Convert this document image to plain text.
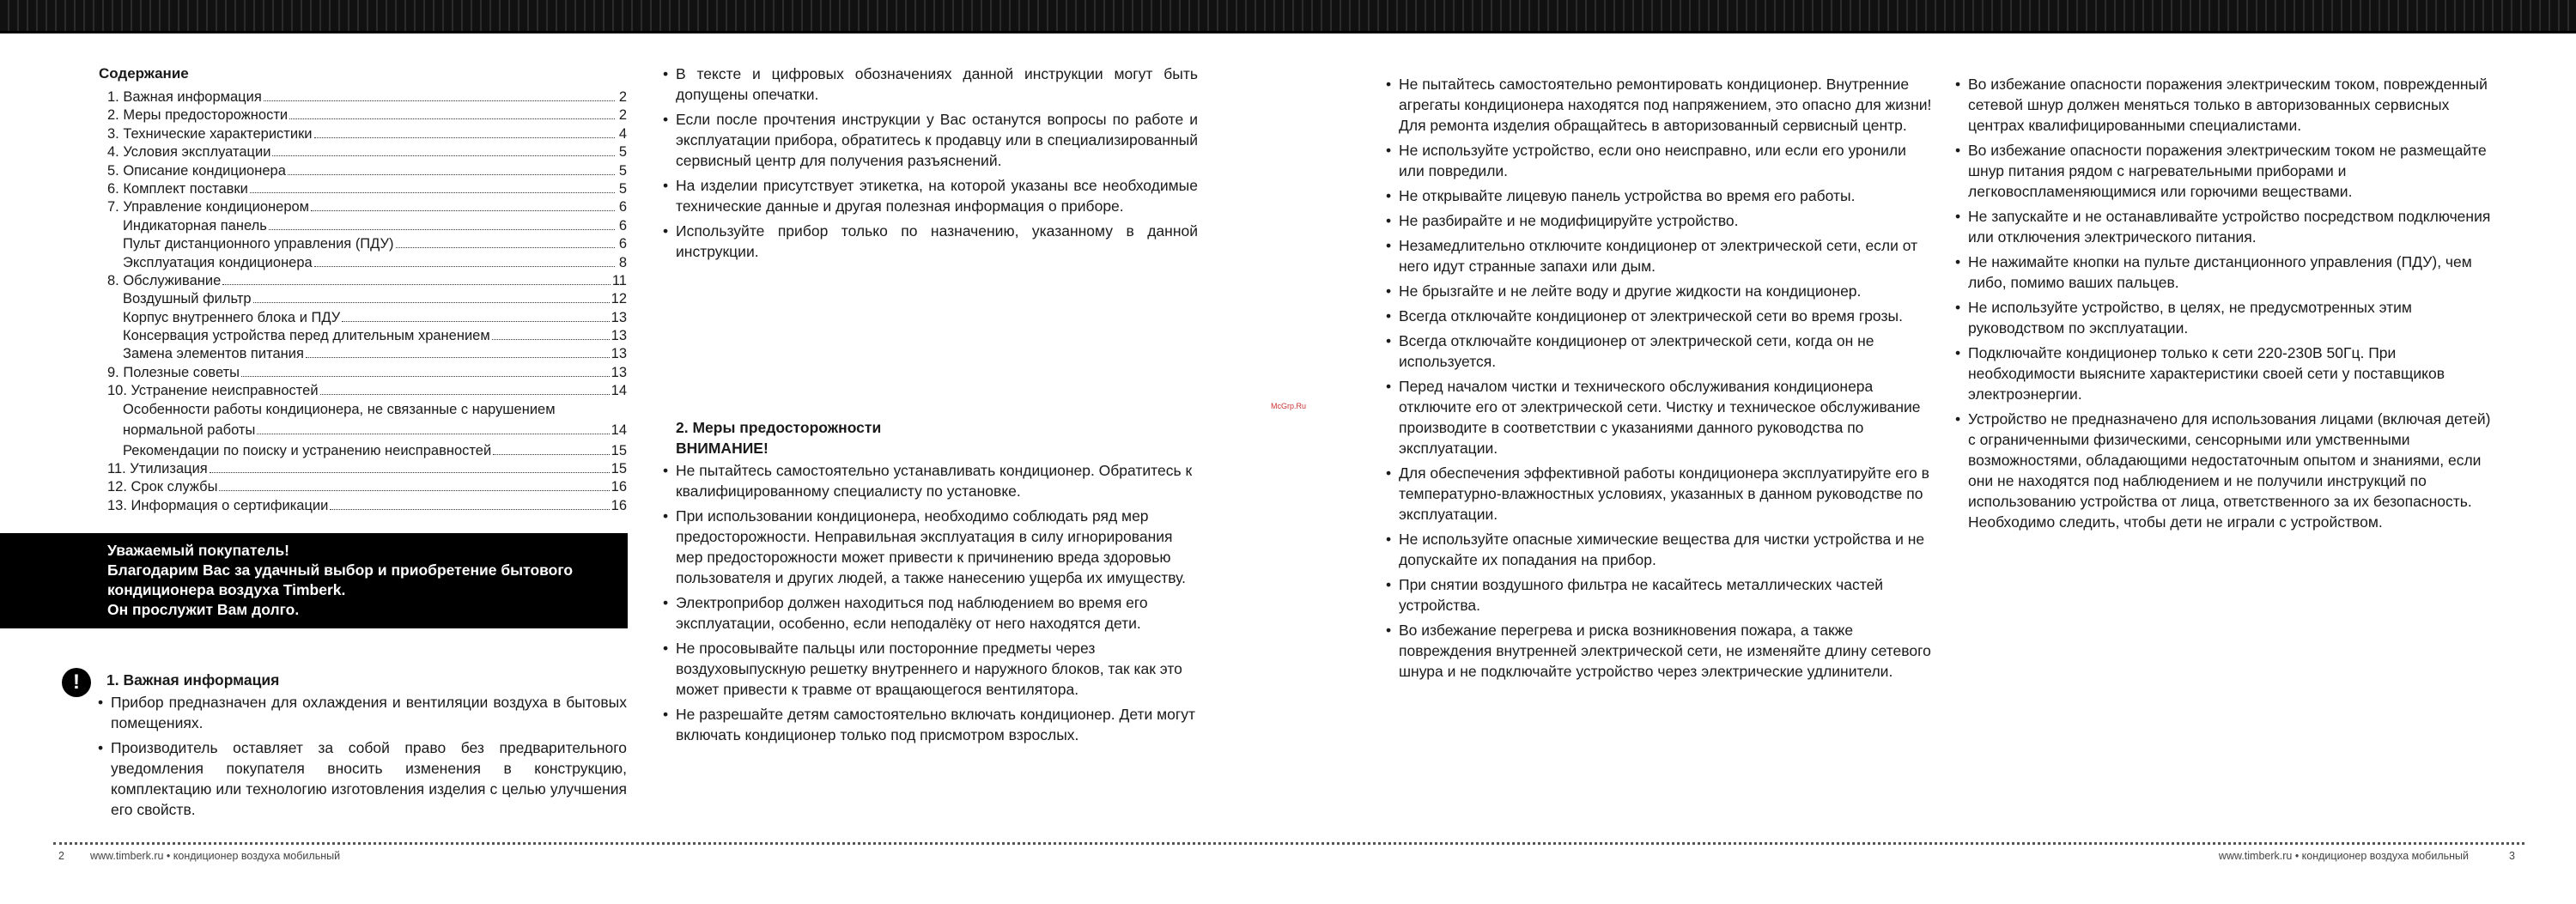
Содержание
1. Важная информация	2
2. Меры предосторожности	2
3. Технические характеристики	4
4. Условия эксплуатации	5
5. Описание кондиционера	5
6. Комплект поставки	5
7. Управление кондиционером	6
Индикаторная панель	6
Пульт дистанционного управления (ПДУ)	6
Эксплуатация кондиционера	8
8. Обслуживание	11
Воздушный фильтр	12
Корпус внутреннего блока и ПДУ	13
Консервация устройства перед длительным хранением	13
Замена элементов питания	13
9. Полезные советы	13
10. Устранение неисправностей	14
Особенности работы кондиционера, не связанные с нарушением
нормальной работы	14
Рекомендации по поиску и устранению неисправностей	15
11. Утилизация	15
12. Срок службы	16
13. Информация о сертификации	16
Уважаемый покупатель!
Благодарим Вас за удачный выбор и приобретение бытового
кондиционера воздуха Timberk.
Он прослужит Вам долго.
!	1. Важная информация
• Прибор предназначен для охлаждения и вентиляции воздуха в бытовых помещениях.
• Производитель оставляет за собой право без предварительного уведомления покупателя вносить изменения в конструкцию, комплектацию или технологию изготовления изделия с целью улучшения его свойств.
• В тексте и цифровых обозначениях данной инструкции могут быть допущены опечатки.
• Если после прочтения инструкции у Вас останутся вопросы по работе и эксплуатации прибора, обратитесь к продавцу или в специализированный сервисный центр для получения разъяснений.
• На изделии присутствует этикетка, на которой указаны все необходимые технические данные и другая полезная информация о приборе.
• Используйте прибор только по назначению, указанному в данной инструкции.
2. Меры предосторожности
ВНИМАНИЕ!
• Не пытайтесь самостоятельно устанавливать кондиционер. Обратитесь к квалифицированному специалисту по установке.
• При использовании кондиционера, необходимо соблюдать ряд мер предосторожности. Неправильная эксплуатация в силу игнорирования мер предосторожности может привести к причинению вреда здоровью пользователя и других людей, а также нанесению ущерба их имуществу.
• Электроприбор должен находиться под наблюдением во время его эксплуатации, особенно, если неподалёку от него находятся дети.
• Не просовывайте пальцы или посторонние предметы через воздуховыпускную решетку внутреннего и наружного блоков, так как это может привести к травме от вращающегося вентилятора.
• Не разрешайте детям самостоятельно включать кондиционер. Дети могут включать кондиционер только под присмотром взрослых.
McGrp.Ru
• Не пытайтесь самостоятельно ремонтировать кондиционер. Внутренние агрегаты кондиционера находятся под напряжением, это опасно для жизни! Для ремонта изделия обращайтесь в авторизованный сервисный центр.
• Не используйте устройство, если оно неисправно, или если его уронили или повредили.
• Не открывайте лицевую панель устройства во время его работы.
• Не разбирайте и не модифицируйте устройство.
• Незамедлительно отключите кондиционер от электрической сети, если от него идут странные запахи или дым.
• Не брызгайте и не лейте воду и другие жидкости на кондиционер.
• Всегда отключайте кондиционер от электрической сети во время грозы.
• Всегда отключайте кондиционер от электрической сети, когда он не используется.
• Перед началом чистки и технического обслуживания кондиционера отключите его от электрической сети. Чистку и техническое обслуживание производите в соответствии с указаниями данного руководства по эксплуатации.
• Для обеспечения эффективной работы кондиционера эксплуатируйте его в температурно-влажностных условиях, указанных в данном руководстве по эксплуатации.
• Не используйте опасные химические вещества для чистки устройства и не допускайте их попадания на прибор.
• При снятии воздушного фильтра не касайтесь металлических частей устройства.
• Во избежание перегрева и риска возникновения пожара, а также повреждения внутренней электрической сети, не изменяйте длину сетевого шнура и не подключайте устройство через электрические удлинители.
• Во избежание опасности поражения электрическим током, поврежденный сетевой шнур должен меняться только в авторизованных сервисных центрах квалифицированными специалистами.
• Во избежание опасности поражения электрическим током не размещайте шнур питания рядом с нагревательными приборами и легковоспламеняющимися или горючими веществами.
• Не запускайте и не останавливайте устройство посредством подключения или отключения электрического питания.
• Не нажимайте кнопки на пульте дистанционного управления (ПДУ), чем либо, помимо ваших пальцев.
• Не используйте устройство, в целях, не предусмотренных этим руководством по эксплуатации.
• Подключайте кондиционер только к сети 220-230В 50Гц. При необходимости выясните характеристики своей сети у поставщиков электроэнергии.
• Устройство не предназначено для использования лицами (включая детей) с ограниченными физическими, сенсорными или умственными возможностями, обладающими недостаточным опытом и знаниями, если они не находятся под наблюдением и не получили инструкций по использованию устройства от лица, ответственного за их безопасность. Необходимо следить, чтобы дети не играли с устройством.
2 www.timberk.ru • кондиционер воздуха мобильный	www.timberk.ru • кондиционер воздуха мобильный	3
